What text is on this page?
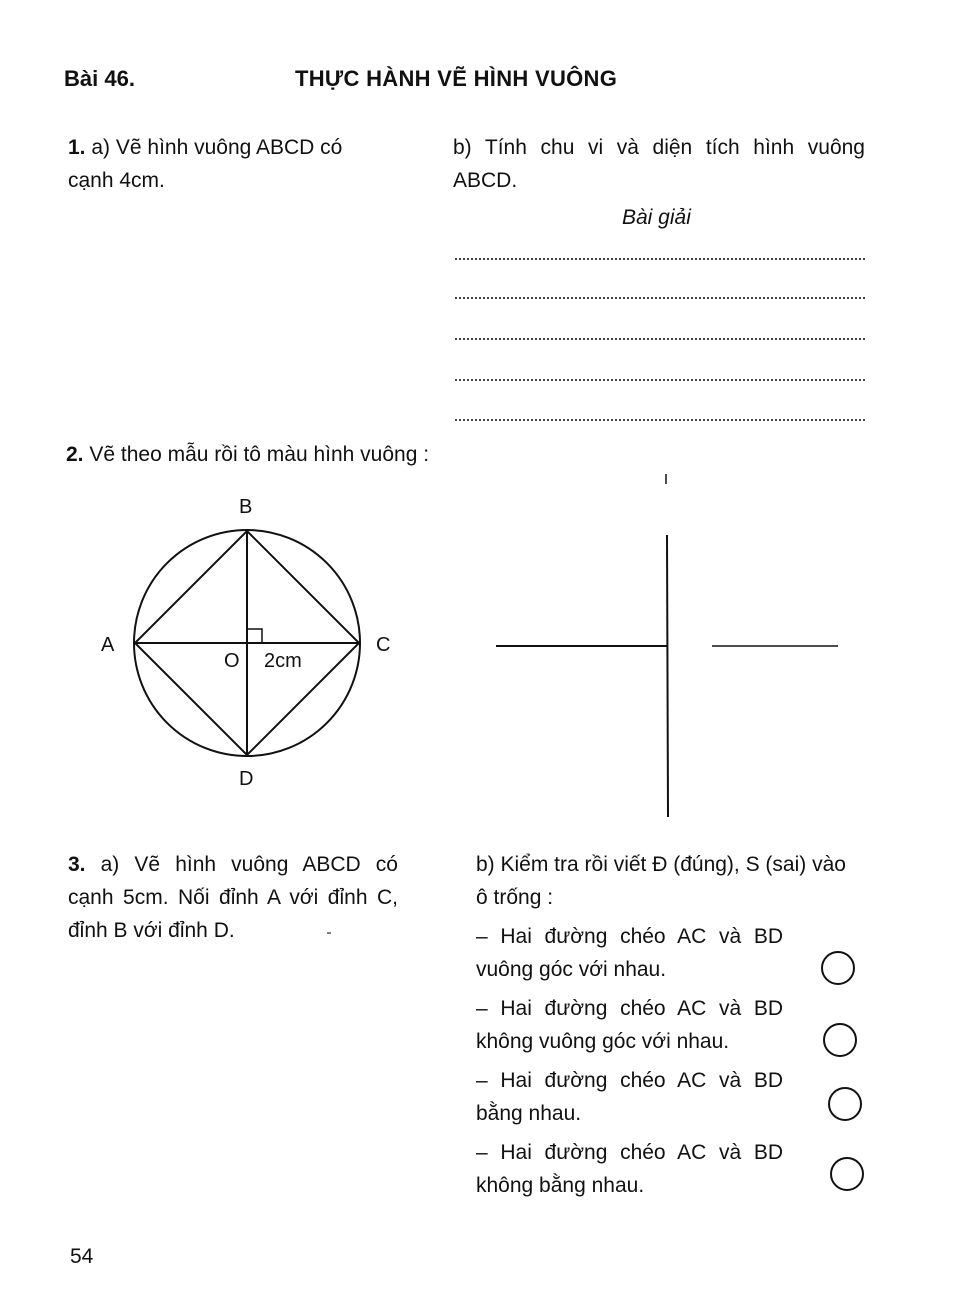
Bài 46.	THỰC HÀNH VẼ HÌNH VUÔNG
1. a) Vẽ hình vuông ABCD có
cạnh 4cm.
b) Tính chu vi và diện tích hình vuông
ABCD.
Bài giải
2. Vẽ theo mẫu rồi tô màu hình vuông :
B
A	C
D
O 2cm
3. a) Vẽ hình vuông ABCD có
cạnh 5cm. Nối đỉnh A với đỉnh C,
đỉnh B với đỉnh D.
b) Kiểm tra rồi viết Đ (đúng), S (sai) vào
ô trống :
– Hai đường chéo AC và BD
vuông góc với nhau.
– Hai đường chéo AC và BD
không vuông góc với nhau.
– Hai đường chéo AC và BD
bằng nhau.
– Hai đường chéo AC và BD
không bằng nhau.
54
